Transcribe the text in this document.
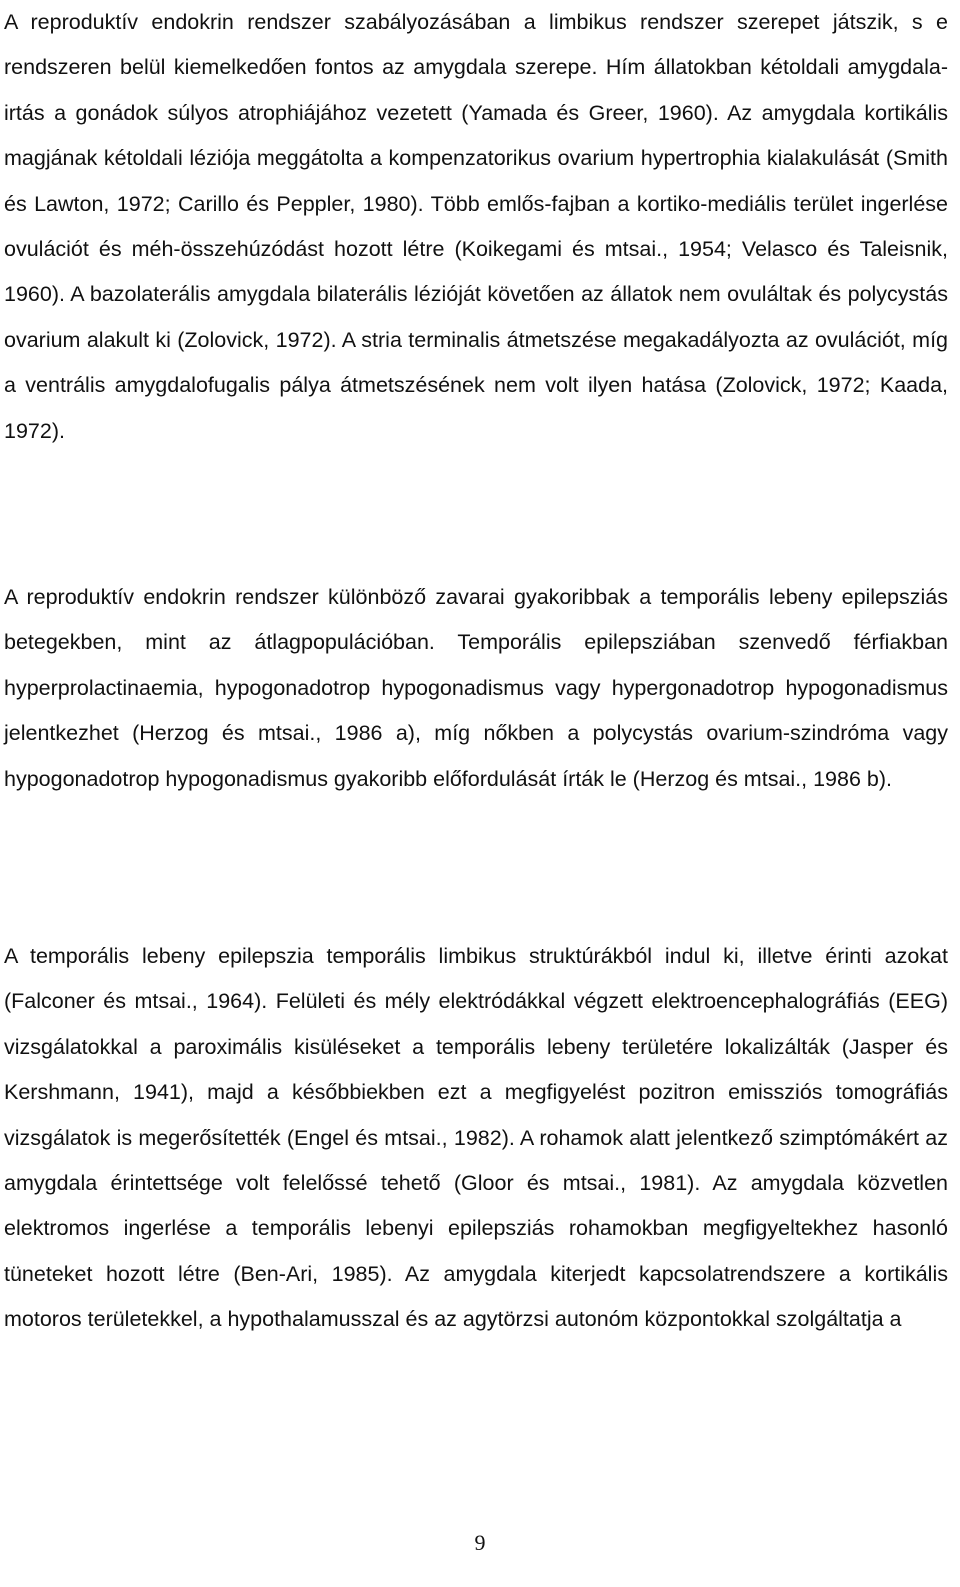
A reproduktív endokrin rendszer szabályozásában a limbikus rendszer szerepet játszik, s e rendszeren belül kiemelkedően fontos az amygdala szerepe. Hím állatokban kétoldali amygdala-irtás a gonádok súlyos atrophiájához vezetett (Yamada és Greer, 1960). Az amygdala kortikális magjának kétoldali léziója meggátolta a kompenzatorikus ovarium hypertrophia kialakulását (Smith és Lawton, 1972; Carillo és Peppler, 1980). Több emlős-fajban a kortiko-mediális terület ingerlése ovulációt és méh-összehúzódást hozott létre (Koikegami és mtsai., 1954; Velasco és Taleisnik, 1960). A bazolaterális amygdala bilaterális lézióját követően az állatok nem ovuláltak és polycystás ovarium alakult ki (Zolovick, 1972). A stria terminalis átmetszése megakadályozta az ovulációt, míg a ventrális amygdalofugalis pálya átmetszésének nem volt ilyen hatása (Zolovick, 1972; Kaada, 1972).

A reproduktív endokrin rendszer különböző zavarai gyakoribbak a temporális lebeny epilepsziás betegekben, mint az átlagpopulációban. Temporális epilepsziában szenvedő férfiakban hyperprolactinaemia, hypogonadotrop hypogonadismus vagy hypergonadotrop hypogonadismus jelentkezhet (Herzog és mtsai., 1986 a), míg nőkben a polycystás ovarium-szindróma vagy hypogonadotrop hypogonadismus gyakoribb előfordulását írták le (Herzog és mtsai., 1986 b).

A temporális lebeny epilepszia temporális limbikus struktúrákból indul ki, illetve érinti azokat (Falconer és mtsai., 1964). Felületi és mély elektródákkal végzett elektroencephalográfiás (EEG) vizsgálatokkal a paroximális kisüléseket a temporális lebeny területére lokalizálták (Jasper és Kershmann, 1941), majd a későbbiekben ezt a megfigyelést pozitron emissziós tomográfiás vizsgálatok is megerősítették (Engel és mtsai., 1982). A rohamok alatt jelentkező szimptómákért az amygdala érintettsége volt felelőssé tehető (Gloor és mtsai., 1981). Az amygdala közvetlen elektromos ingerlése a temporális lebenyi epilepsziás rohamokban megfigyeltekhez hasonló tüneteket hozott létre (Ben-Ari, 1985). Az amygdala kiterjedt kapcsolatrendszere a kortikális motoros területekkel, a hypothalamusszal és az agytörzsi autonóm központokkal szolgáltatja a

9
